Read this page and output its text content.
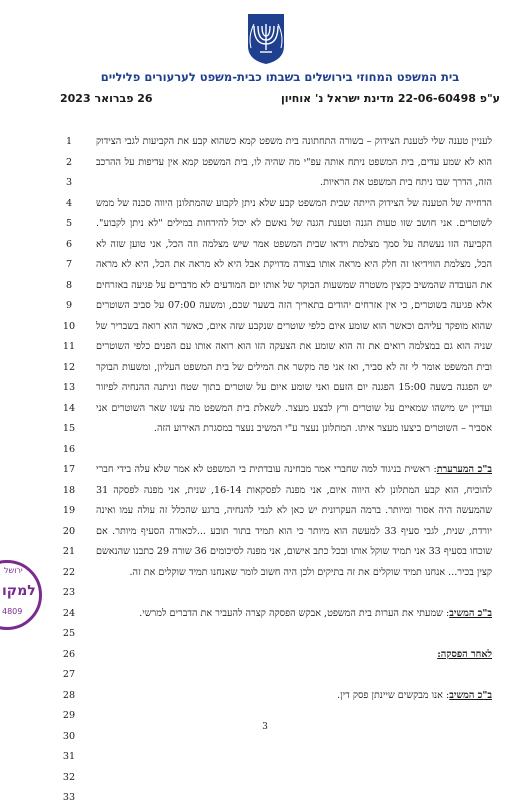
בית המשפט המחוזי בירושלים בשבתו כבית-משפט לערעורים פליליים
ע"פ 22-06-60498 מדינת ישראל נ' אוחיון
26 פברואר 2023
1
2
3
4
5
6
7
8
9
10
11
12
13
14
15
16
17
18
19
20
21
22
23
24
25
26
27
28
29
30
31
32
33

לעניין טענה שלי לטענת הצידוק – בשורה התחתונה בית משפט קמא כשהוא קבע את הקביעות לגבי הצידוק הוא לא שמע עדים, בית המשפט ניתח אותה עפ"י מה שהיה לו, בית המשפט קמא אין עדיפות על ההרכב הזה, הדרך שבו ניתח בית המשפט את הראיות.

הדחייה של הטענה של הצידוק הייתה שבית המשפט קבע שלא ניתן לקבוע שהמתלונן היווה סכנה של ממש לשוטרים. אני חושב שזו טעות הגנה וטענת הגנה של נאשם לא יכול להידחות במילים "לא ניתן לקבוע". הקביעה הזו נעשתה על סמך מצלמת וידאו שבית המשפט אמר שיש מצלמה וזה הכל, אני טוען שזה לא הכל, מצלמת הווידיאו זה חלק היא מראה אותו בצורה מדויקת אבל היא לא מראה את הכל, היא לא מראה את העובדה שהמשיב כקצין משטרה שמשעות הבוקר של אותו יום המודעים לא מדברים על פגיעה באזרחים אלא פגיעה בשוטרים, כי אין אזרחים יהודים בתאריך הזה בשער שכם, ומשעה 07:00 על סביב השוטרים שהוא מופקד עליהם וכאשר הוא שומע איום כלפי שוטרים שנקבע שזה איום, כאשר הוא רואה בשבריר של שניה הוא גם במצלמה רואים את זה הוא שומע את הצעקה הזו הוא רואה אותו עם הפנים כלפי השוטרים ובית המשפט אומר לי זה לא סביר, ואז אני פה מקשר את המילים של בית המשפט העליון, ומשעות הבוקר יש הפגנה בשעה 15:00 הפגנה יום הזעם ואני שומע איום על שוטרים בתוך שטח וניתנה ההנחיה לפיזור ועדיין יש מישהו שמאיים על שוטרים ורץ לבצע מעצר. לשאלת בית המשפט מה עשו שאר השוטרים אני אסביר – השוטרים ביצעו מעצר איתו. המתלונן נעצר ע"י המשיב נעצר במסגרת האירוע הזה.

ב"כ המערערת: ראשית בניגוד למה שחברי אמר מבחינה עובדתית בי המשפט לא אמר שלא עלה בידי חברי להוכיח, הוא קבע המתלונן לא היווה איום, אני מפנה לפסקאות 16-14, שנית, אני מפנה לפסקה 31 שהמעשה היה אסור ומיותר. ברמה העקרונית יש כאן לא לגבי להנחיה, ברגע שהכלל זה עולה עמו ואינה יורדת, שנית, לגבי סעיף 33 למעשה הוא מיותר כי הוא תמיד בתור תובע ...לכאורה הסעיף מיותר. אם שוכחו בסעיף 33 אני תמיד שוקל אותו ובכל כתב אישום, אני מפנה לסיכומים 36 שורה 29 כתבנו שהנאשם קצין בכיר... אנחנו תמיד שוקלים את זה בתיקים ולכן היה חשוב לומר שאנחנו תמיד שוקלים את זה.

ב"כ המשיב: שמעתי את הערות בית המשפט, אבקש הפסקה קצרה להעביר את הדברים למרשי.

לאחר הפסקה:

ב"כ המשיב: אנו מבקשים שיינתן פסק דין.

3
ירושל
למקו
4809
